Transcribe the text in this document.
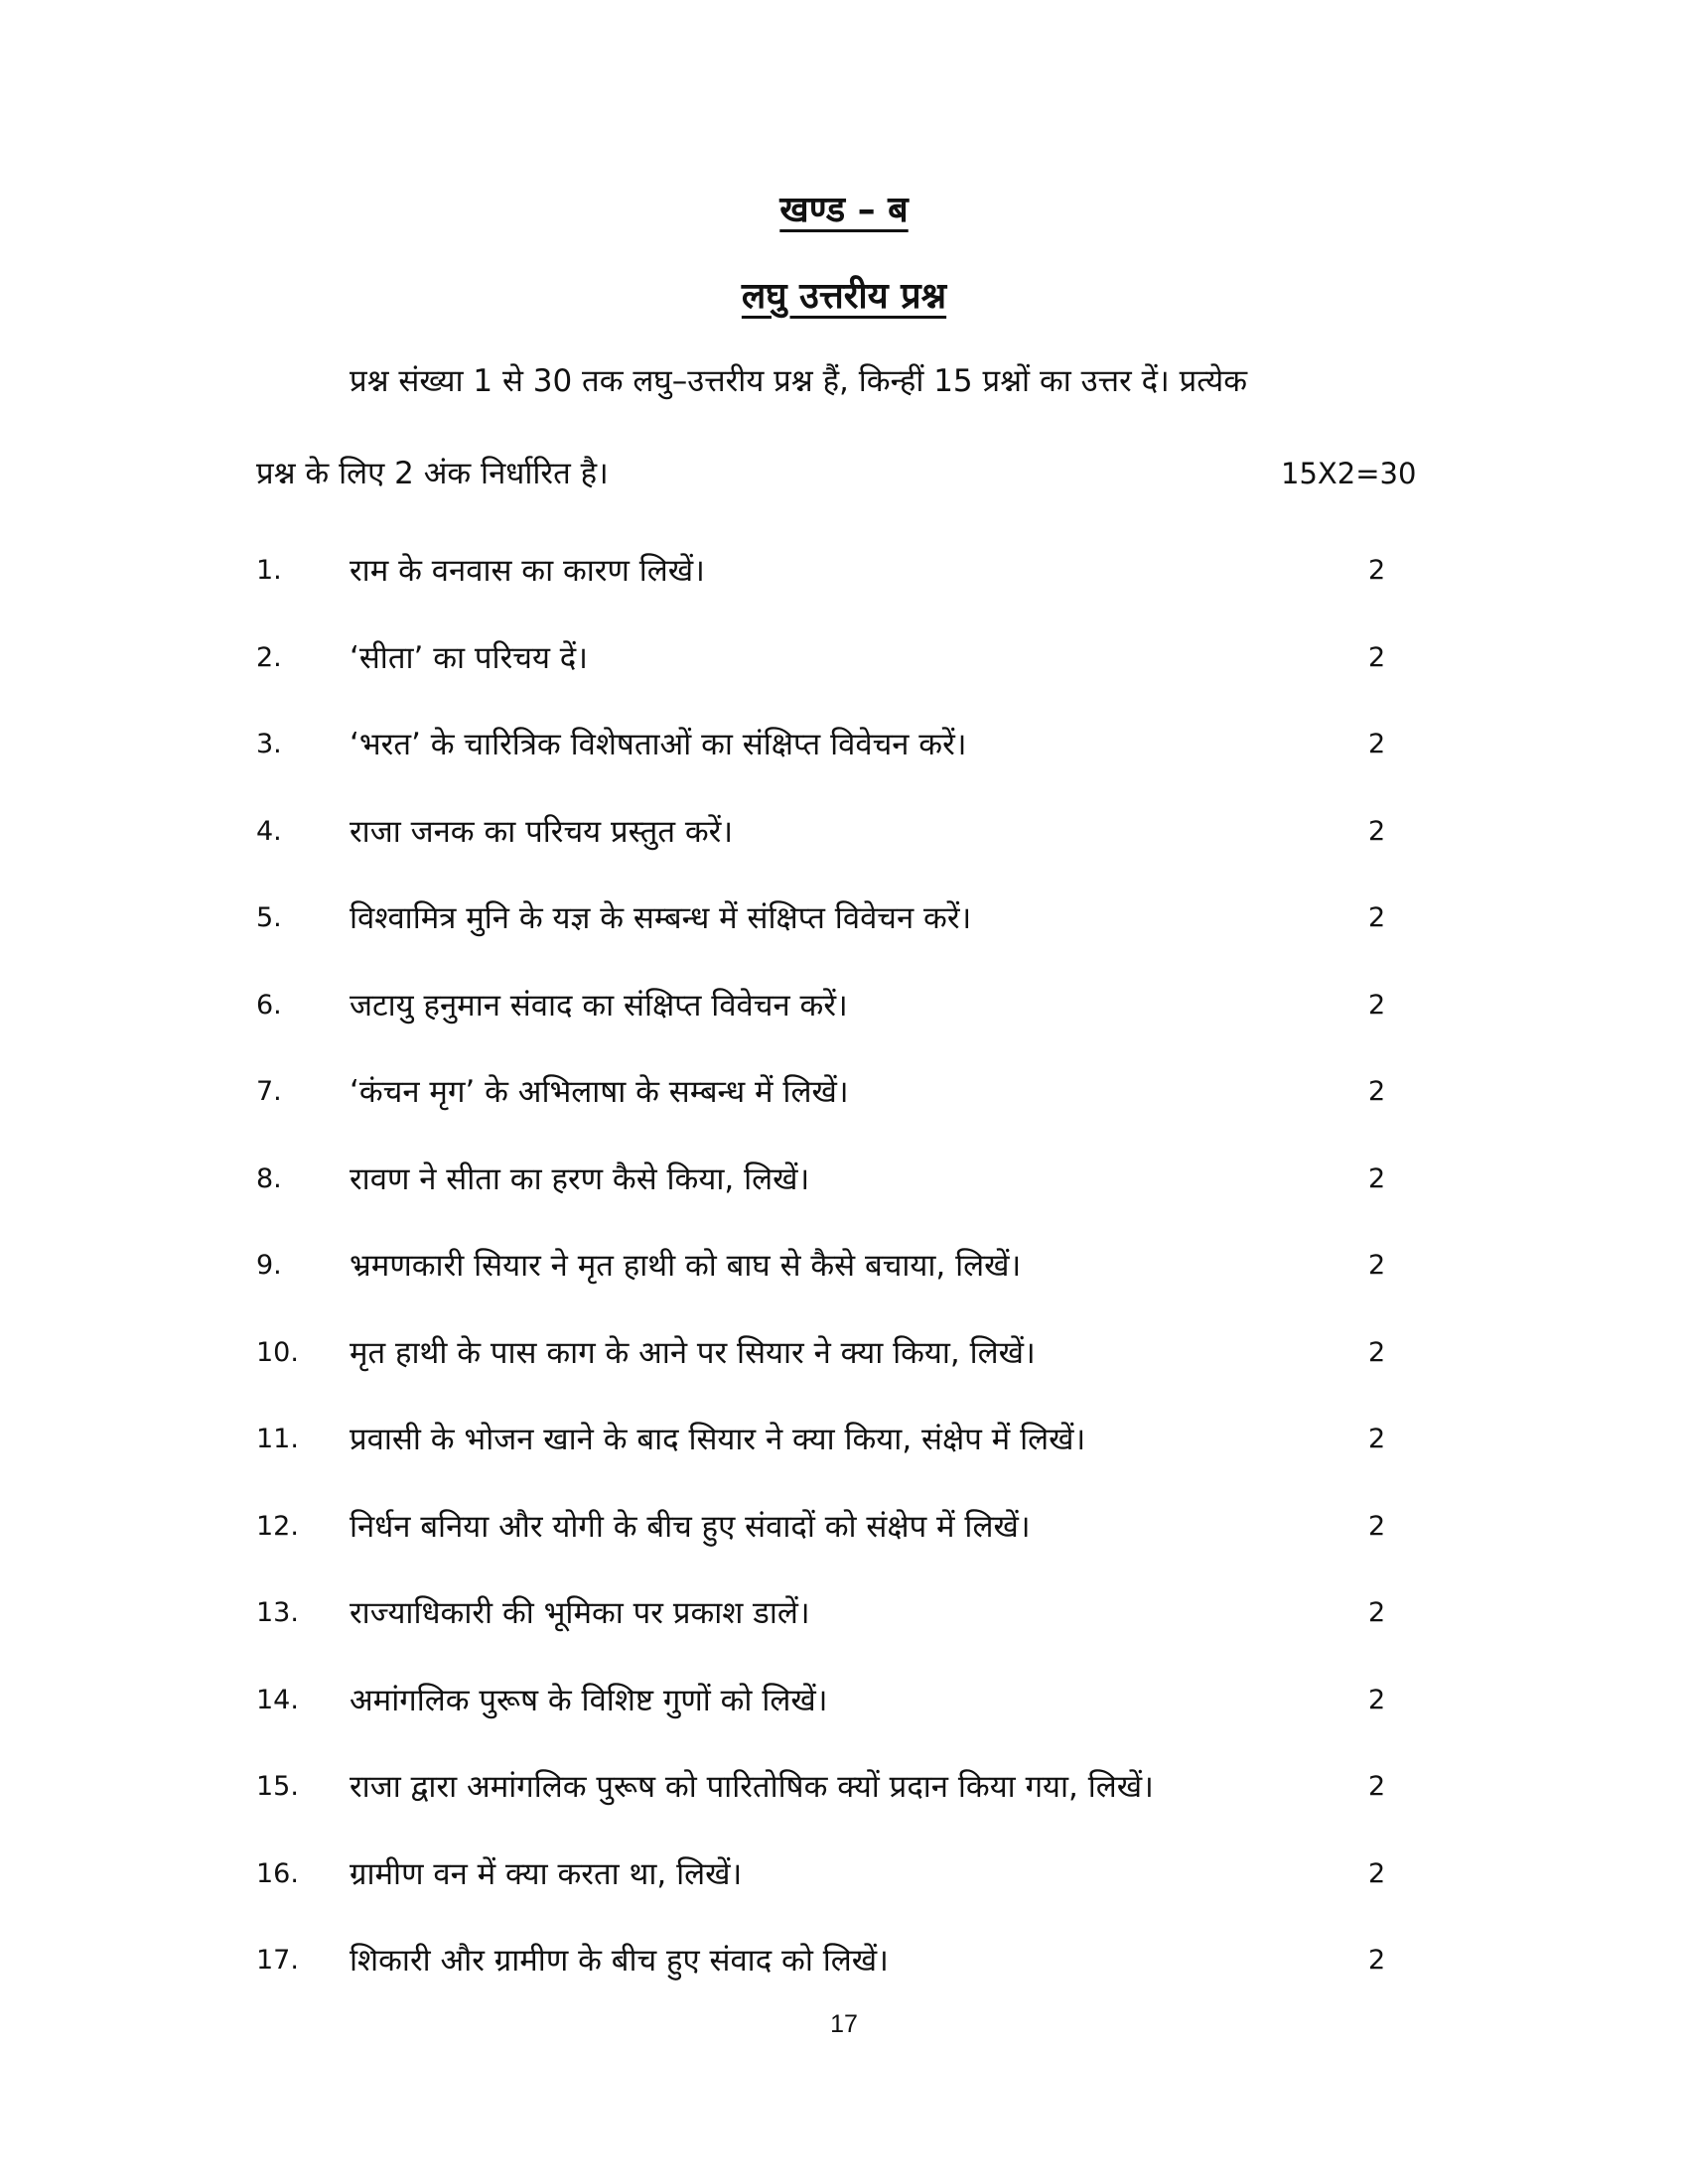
खण्ड – ब
लघु उत्तरीय प्रश्न
प्रश्न संख्या 1 से 30 तक लघु–उत्तरीय प्रश्न हैं, किन्हीं 15 प्रश्नों का उत्तर दें। प्रत्येक
प्रश्न के लिए 2 अंक निर्धारित है।	15X2=30
1. राम के वनवास का कारण लिखें।	2
2. ‘सीता’ का परिचय दें।	2
3. ‘भरत’ के चारित्रिक विशेषताओं का संक्षिप्त विवेचन करें।	2
4. राजा जनक का परिचय प्रस्तुत करें।	2
5. विश्वामित्र मुनि के यज्ञ के सम्बन्ध में संक्षिप्त विवेचन करें।	2
6. जटायु हनुमान संवाद का संक्षिप्त विवेचन करें।	2
7. ‘कंचन मृग’ के अभिलाषा के सम्बन्ध में लिखें।	2
8. रावण ने सीता का हरण कैसे किया, लिखें।	2
9. भ्रमणकारी सियार ने मृत हाथी को बाघ से कैसे बचाया, लिखें।	2
10. मृत हाथी के पास काग के आने पर सियार ने क्या किया, लिखें।	2
11. प्रवासी के भोजन खाने के बाद सियार ने क्या किया, संक्षेप में लिखें।	2
12. निर्धन बनिया और योगी के बीच हुए संवादों को संक्षेप में लिखें।	2
13. राज्याधिकारी की भूमिका पर प्रकाश डालें।	2
14. अमांगलिक पुरूष के विशिष्ट गुणों को लिखें।	2
15. राजा द्वारा अमांगलिक पुरूष को पारितोषिक क्यों प्रदान किया गया, लिखें।	2
16. ग्रामीण वन में क्या करता था, लिखें।	2
17. शिकारी और ग्रामीण के बीच हुए संवाद को लिखें।	2
17
